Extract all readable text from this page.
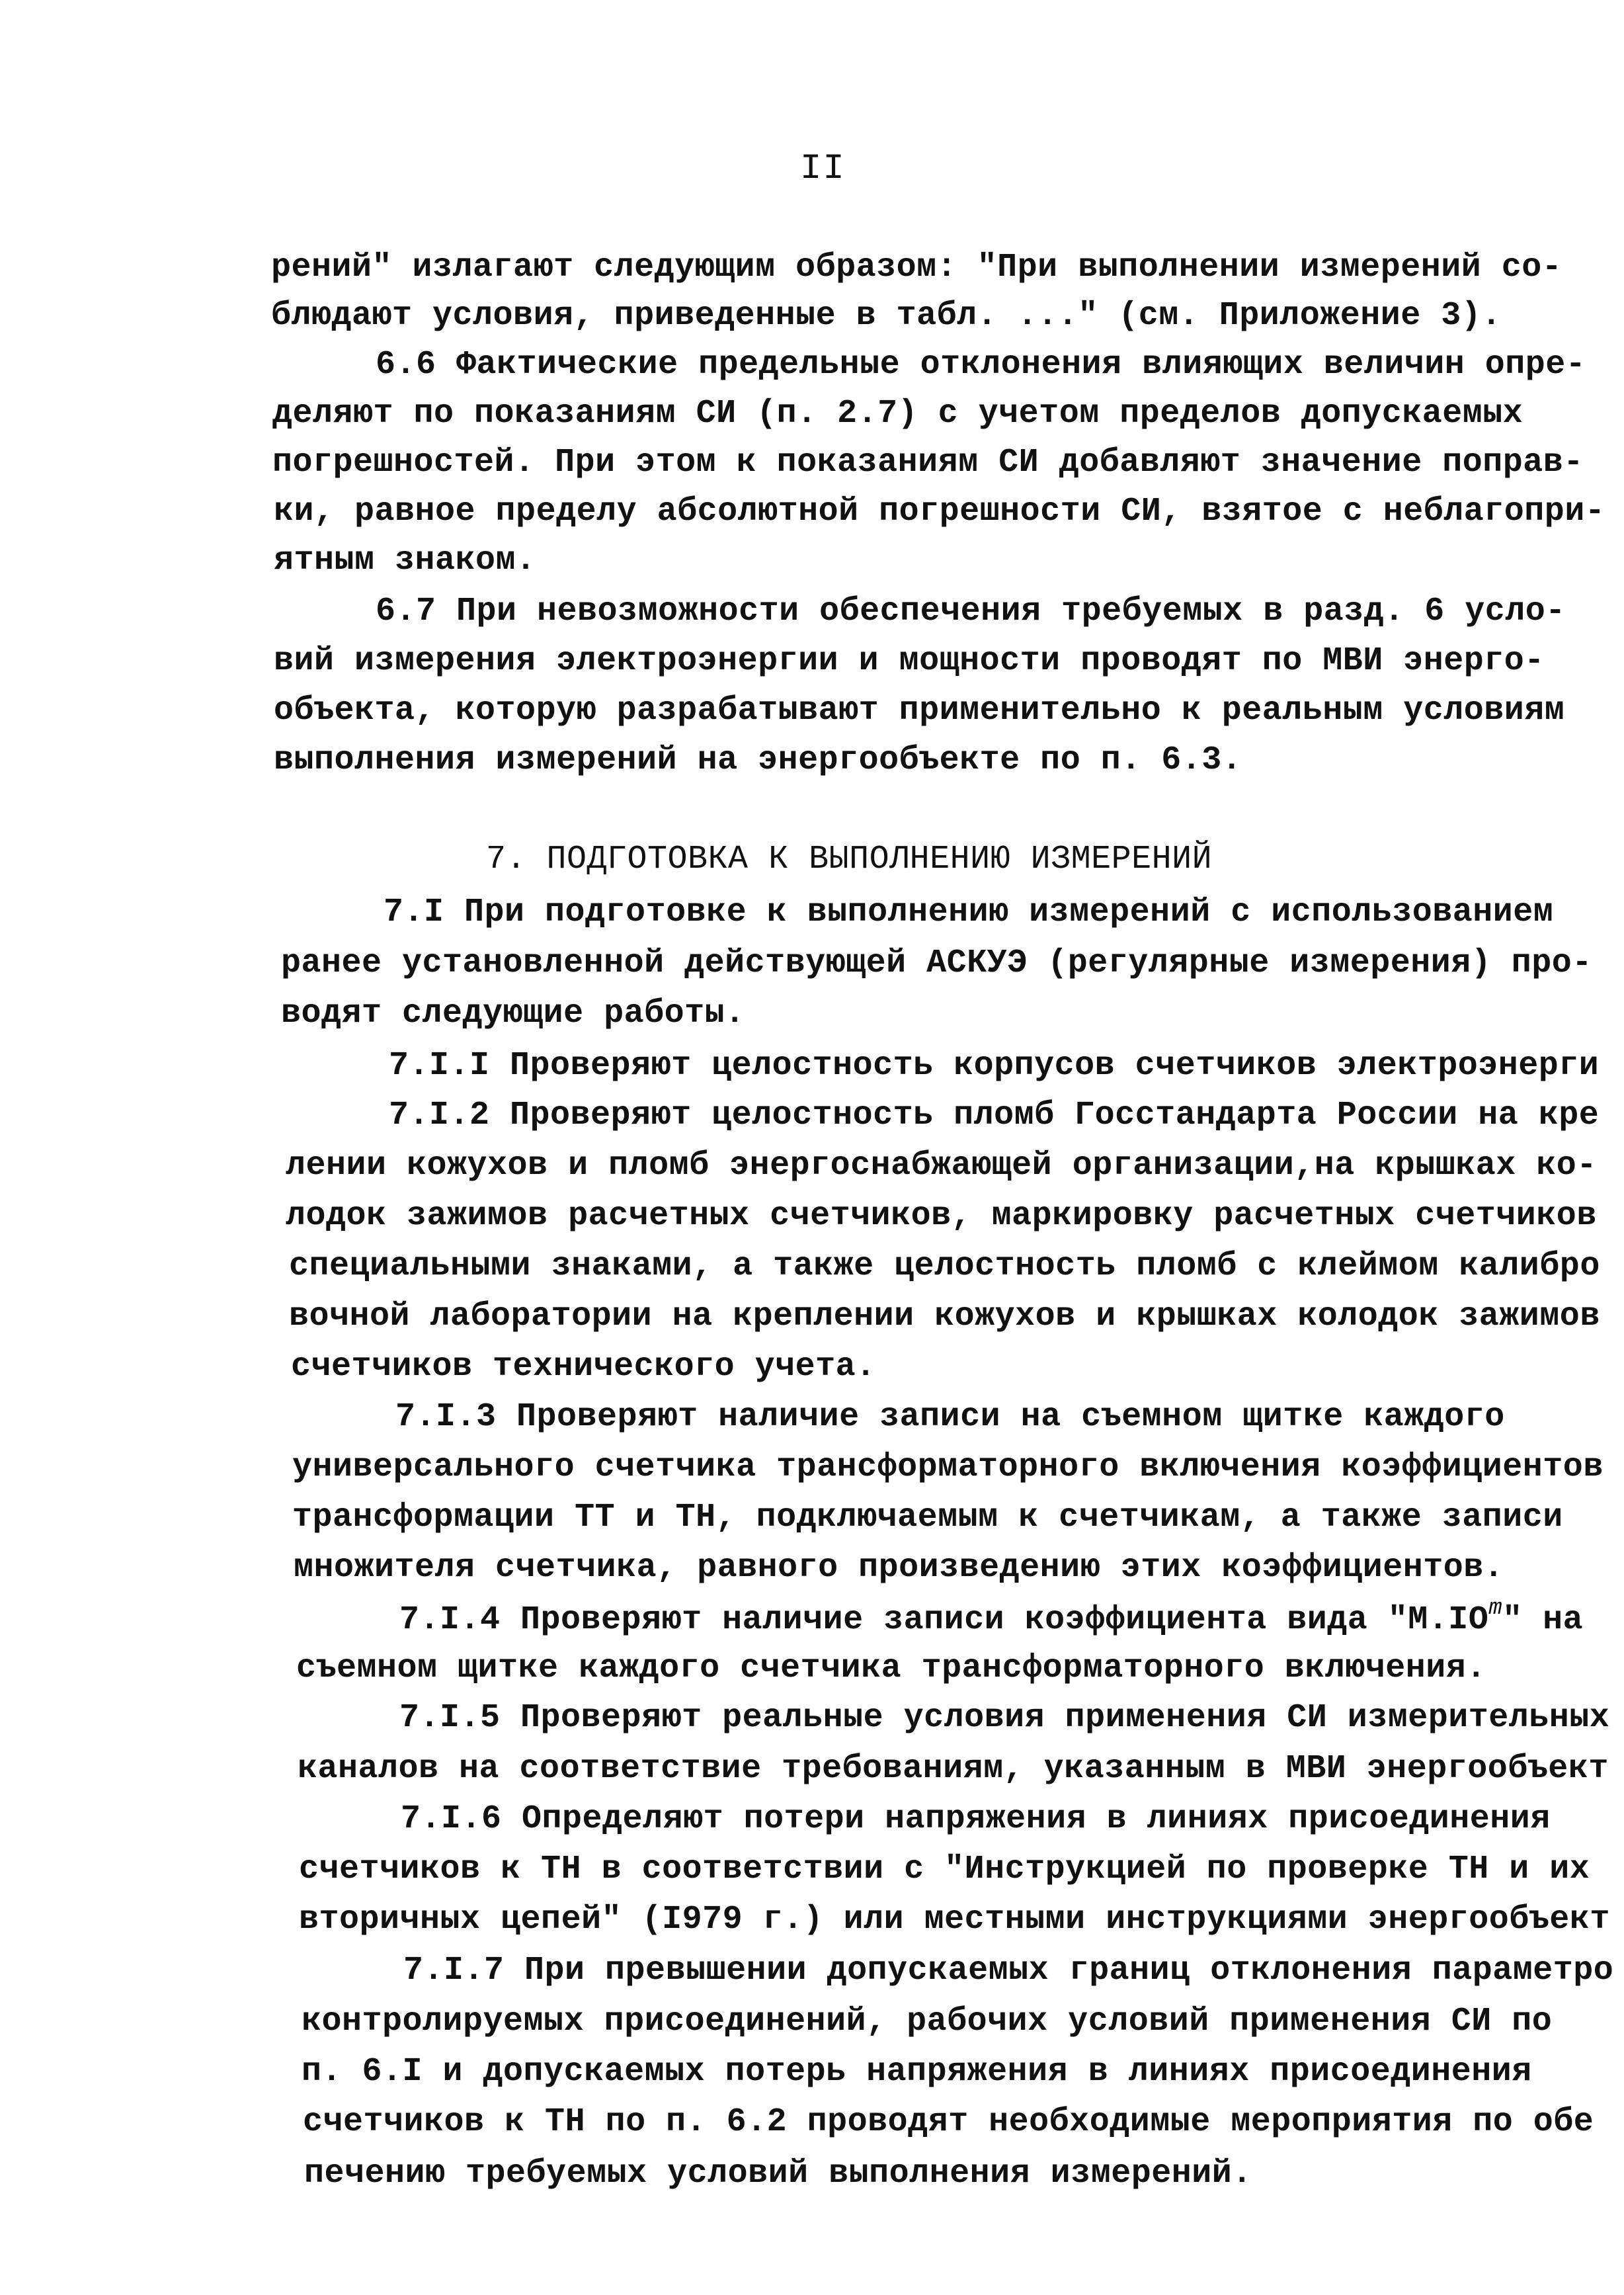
II
рений" излагают следующим образом: "При выполнении измерений со-
блюдают условия, приведенные в табл. ..." (см. Приложение 3).
6.6 Фактические предельные отклонения влияющих величин опре-
деляют по показаниям СИ (п. 2.7) с учетом пределов допускаемых
погрешностей. При этом к показаниям СИ добавляют значение поправ-
ки, равное пределу абсолютной погрешности СИ, взятое с неблагопри-
ятным знаком.
6.7 При невозможности обеспечения требуемых в разд. 6 усло-
вий измерения электроэнергии и мощности проводят по МВИ энерго-
объекта, которую разрабатывают применительно к реальным условиям
выполнения измерений на энергообъекте по п. 6.3.
7. ПОДГОТОВКА К ВЫПОЛНЕНИЮ ИЗМЕРЕНИЙ
7.I При подготовке к выполнению измерений с использованием
ранее установленной действующей АСКУЭ (регулярные измерения) про-
водят следующие работы.
7.I.I Проверяют целостность корпусов счетчиков электроэнерги
7.I.2 Проверяют целостность пломб Госстандарта России на кре
лении кожухов и пломб энергоснабжающей организации,на крышках ко-
лодок зажимов расчетных счетчиков, маркировку расчетных счетчиков
специальными знаками, а также целостность пломб с клеймом калибро
вочной лаборатории на креплении кожухов и крышках колодок зажимов
счетчиков технического учета.
7.I.3 Проверяют наличие записи на съемном щитке каждого
универсального счетчика трансформаторного включения коэффициентов
трансформации ТТ и ТН, подключаемым к счетчикам, а также записи
множителя счетчика, равного произведению этих коэффициентов.
7.I.4 Проверяют наличие записи коэффициента вида "$М.IO^m$" на
съемном щитке каждого счетчика трансформаторного включения.
7.I.5 Проверяют реальные условия применения СИ измерительных
каналов на соответствие требованиям, указанным в МВИ энергообъект
7.I.6 Определяют потери напряжения в линиях присоединения
счетчиков к ТН в соответствии с "Инструкцией по проверке ТН и их
вторичных цепей" (I979 г.) или местными инструкциями энергообъект
7.I.7 При превышении допускаемых границ отклонения параметро
контролируемых присоединений, рабочих условий применения СИ по
п. 6.I и допускаемых потерь напряжения в линиях присоединения
счетчиков к ТН по п. 6.2 проводят необходимые мероприятия по обе
печению требуемых условий выполнения измерений.
